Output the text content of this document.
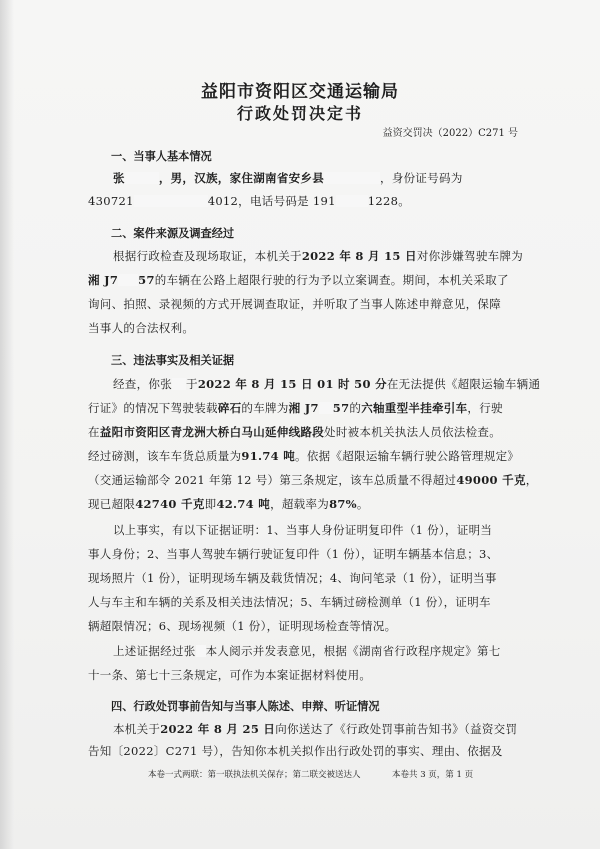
益阳市资阳区交通运输局
行政处罚决定书
益资交罚决（2022）C271 号
一、当事人基本情况
张	，男，汉族，家住湖南省安乡县	，身份证号码为
430721	4012，电话号码是 191	1228。
二、案件来源及调查经过
根据行政检查及现场取证，本机关于2022 年 8 月 15 日对你涉嫌驾驶车牌为
湘 J7 57的车辆在公路上超限行驶的行为予以立案调查。期间，本机关采取了
询问、拍照、录视频的方式开展调查取证，并听取了当事人陈述申辩意见，保障
当事人的合法权利。
三、违法事实及相关证据
经查，你张 于2022 年 8 月 15 日 01 时 50 分在无法提供《超限运输车辆通
行证》的情况下驾驶装载碎石的车牌为湘 J7 57的六轴重型半挂牵引车，行驶
在益阳市资阳区青龙洲大桥白马山延伸线路段处时被本机关执法人员依法检查。
经过磅测，该车车货总质量为91.74 吨。依据《超限运输车辆行驶公路管理规定》
（交通运输部令 2021 年第 12 号）第三条规定，该车总质量不得超过49000 千克，
现已超限42740 千克即42.74 吨，超载率为87%。
以上事实，有以下证据证明：1、当事人身份证明复印件（1 份），证明当
事人身份；2、当事人驾驶车辆行驶证复印件（1 份），证明车辆基本信息；3、
现场照片（1 份），证明现场车辆及载货情况；4、询问笔录（1 份），证明当事
人与车主和车辆的关系及相关违法情况；5、车辆过磅检测单（1 份），证明车
辆超限情况；6、现场视频（1 份），证明现场检查等情况。
上述证据经过张 本人阅示并发表意见，根据《湖南省行政程序规定》第七
十一条、第七十三条规定，可作为本案证据材料使用。
四、行政处罚事前告知与当事人陈述、申辩、听证情况
本机关于2022 年 8 月 25 日向你送达了《行政处罚事前告知书》（益资交罚
告知〔2022〕C271 号），告知你本机关拟作出行政处罚的事实、理由、依据及
本卷一式两联：第一联执法机关保存；第二联交被送达人	本卷共 3 页，第 1 页
